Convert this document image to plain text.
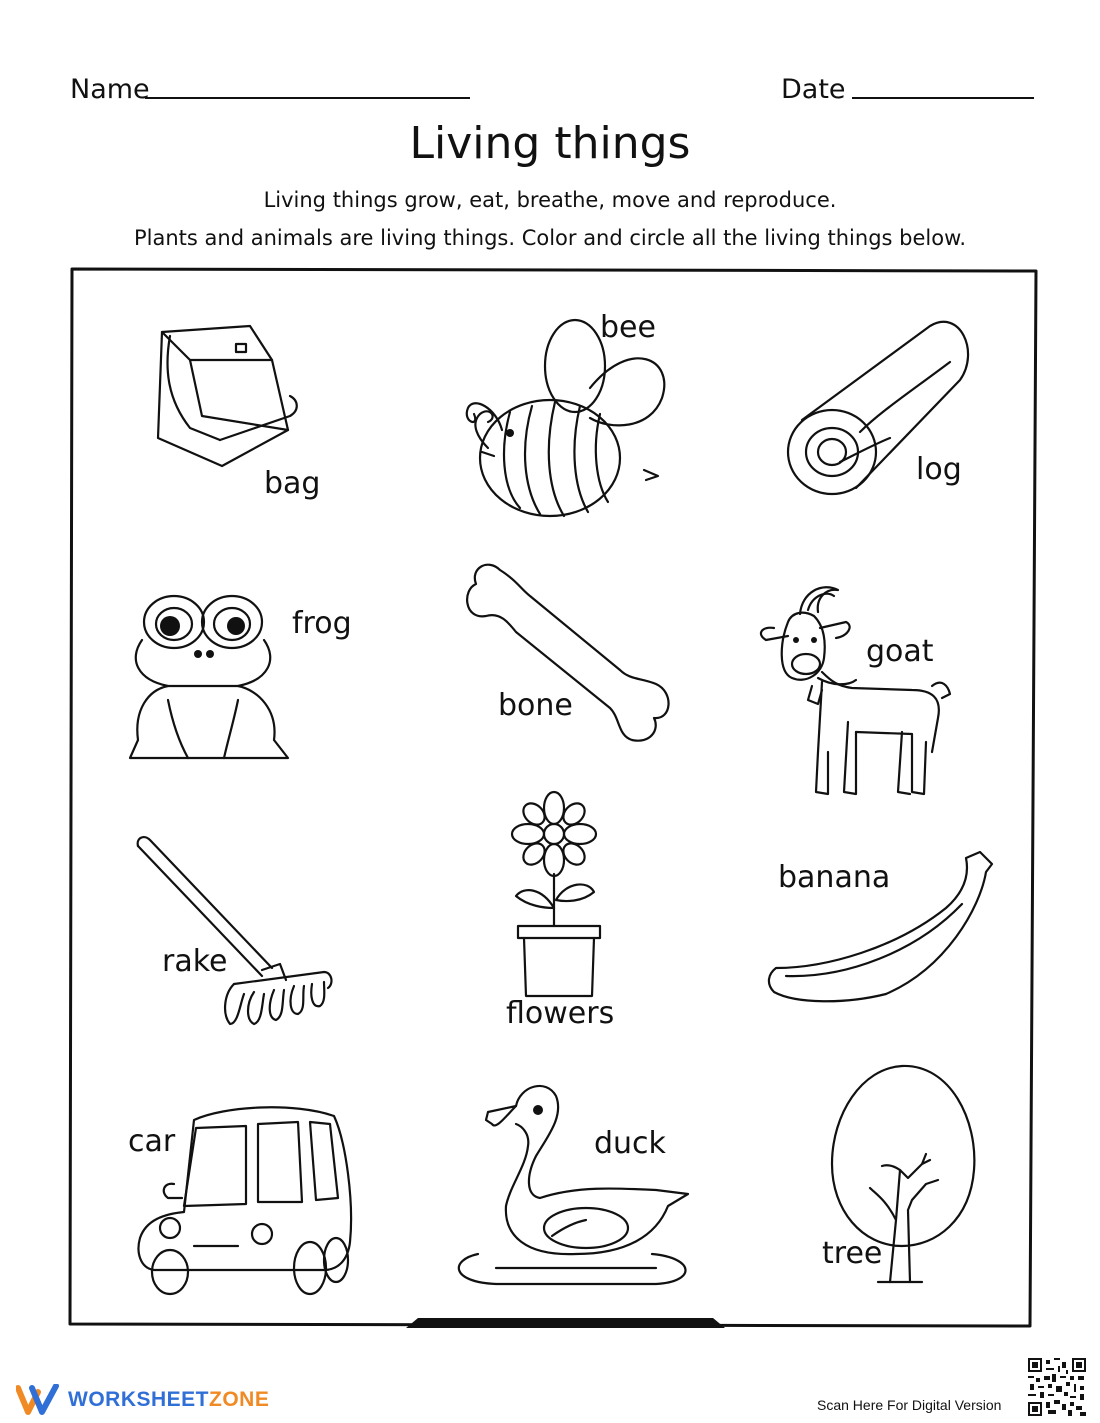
Name	Date
Living things
Living things grow, eat, breathe, move and reproduce.
Plants and animals are living things. Color and circle all the living things below.
bag
bee
log
frog
bone
goat
rake
flowers
banana
car	duck
tree
WORKSHEETZONE	Scan Here For Digital Version
